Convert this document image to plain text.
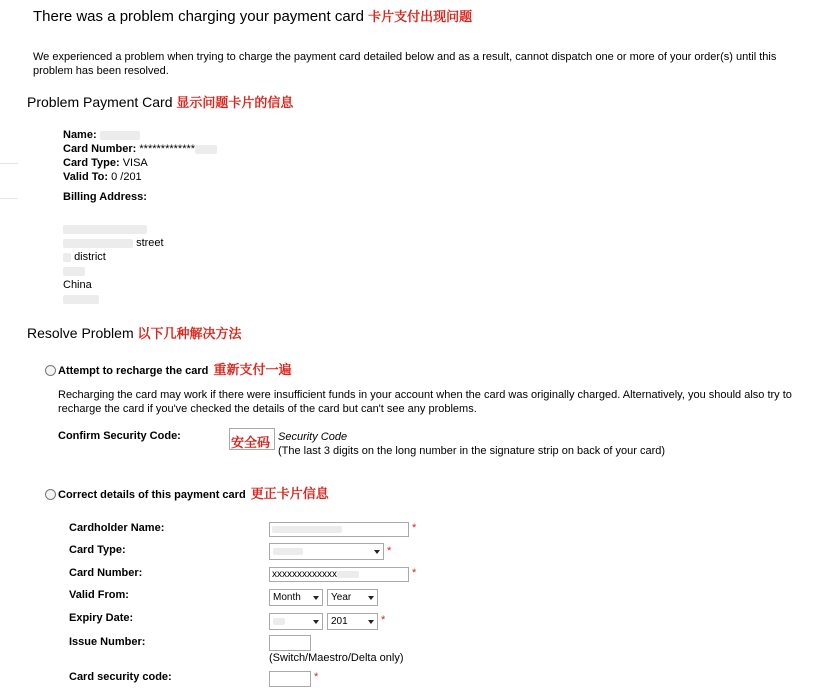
There was a problem charging your payment card 卡片支付出现问题
We experienced a problem when trying to charge the payment card detailed below and as a result, cannot dispatch one or more of your order(s) until this problem has been resolved.
Problem Payment Card 显示问题卡片的信息
Name:
Card Number: *************
Card Type: VISA
Valid To: 0 /201
Billing Address:
street
district
China
Resolve Problem 以下几种解决方法
Attempt to recharge the card 重新支付一遍
Recharging the card may work if there were insufficient funds in your account when the card was originally charged. Alternatively, you should also try to recharge the card if you've checked the details of the card but can't see any problems.
Confirm Security Code:	安全码 Security Code
(The last 3 digits on the long number in the signature strip on back of your card)
Correct details of this payment card 更正卡片信息
Cardholder Name:	*
Card Type:	*
Card Number:	xxxxxxxxxxxxx	*
Valid From:	Month	Year
Expiry Date:	201	*
Issue Number:
(Switch/Maestro/Delta only)
Card security code:	*
